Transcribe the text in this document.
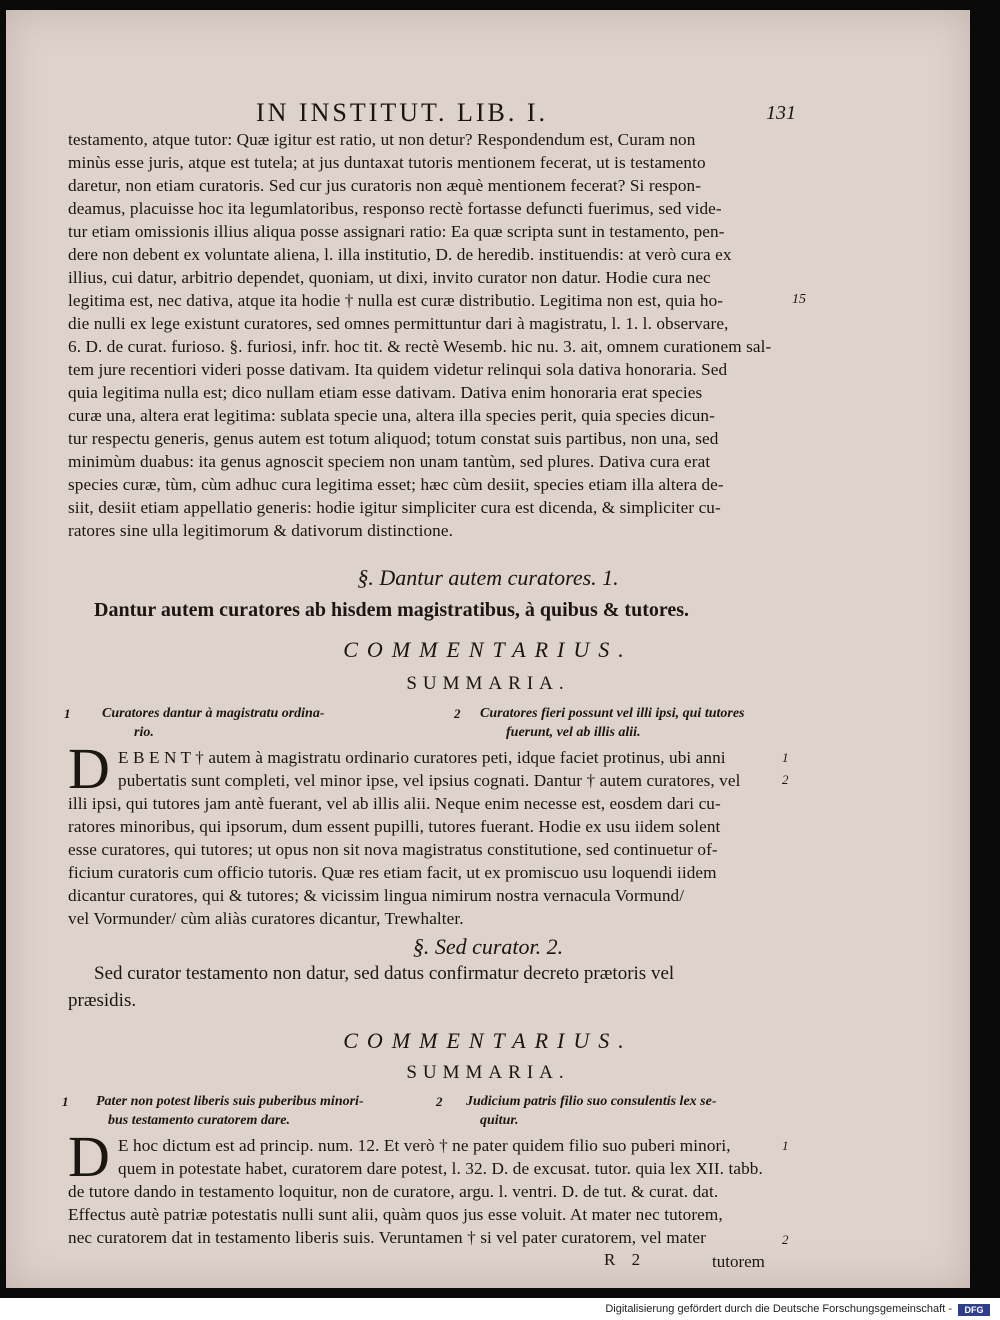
IN INSTITUT. LIB. I.	131
testamento, atque tutor: Quæ igitur est ratio, ut non detur? Respondendum est, Curam non
minùs esse juris, atque est tutela; at jus duntaxat tutoris mentionem fecerat, ut is testamento
daretur, non etiam curatoris. Sed cur jus curatoris non æquè mentionem fecerat? Si respon-
deamus, placuisse hoc ita legumlatoribus, responso rectè fortasse defuncti fuerimus, sed vide-
tur etiam omissionis illius aliqua posse assignari ratio: Ea quæ scripta sunt in testamento, pen-
dere non debent ex voluntate aliena, l. illa institutio, D. de heredib. instituendis: at verò cura ex
illius, cui datur, arbitrio dependet, quoniam, ut dixi, invito curator non datur. Hodie cura nec
legitima est, nec dativa, atque ita hodie † nulla est curæ distributio. Legitima non est, quia ho-
die nulli ex lege existunt curatores, sed omnes permittuntur dari à magistratu, l. 1. l. observare,
6. D. de curat. furioso. §. furiosi, infr. hoc tit. & rectè Wesemb. hic nu. 3. ait, omnem curationem sal-
tem jure recentiori videri posse dativam. Ita quidem videtur relinqui sola dativa honoraria. Sed
quia legitima nulla est; dico nullam etiam esse dativam. Dativa enim honoraria erat species
curæ una, altera erat legitima: sublata specie una, altera illa species perit, quia species dicun-
tur respectu generis, genus autem est totum aliquod; totum constat suis partibus, non una, sed
minimùm duabus: ita genus agnoscit speciem non unam tantùm, sed plures. Dativa cura erat
species curæ, tùm, cùm adhuc cura legitima esset; hæc cùm desiit, species etiam illa altera de-
siit, desiit etiam appellatio generis: hodie igitur simpliciter cura est dicenda, & simpliciter cu-
ratores sine ulla legitimorum & dativorum distinctione.
15
§. Dantur autem curatores. 1.
Dantur autem curatores ab hisdem magistratibus, à quibus & tutores.
COMMENTARIUS.
SUMMARIA.
1 Curatores dantur à magistratu ordina-
rio.
2 Curatores fieri possunt vel illi ipsi, qui tutores
fuerunt, vel ab illis alii.
D E B E N T † autem à magistratu ordinario curatores peti, idque faciet protinus, ubi anni
pubertatis sunt completi, vel minor ipse, vel ipsius cognati. Dantur † autem curatores, vel
illi ipsi, qui tutores jam antè fuerant, vel ab illis alii. Neque enim necesse est, eosdem dari cu-
ratores minoribus, qui ipsorum, dum essent pupilli, tutores fuerant. Hodie ex usu iidem solent
esse curatores, qui tutores; ut opus non sit nova magistratus constitutione, sed continuetur of-
ficium curatoris cum officio tutoris. Quæ res etiam facit, ut ex promiscuo usu loquendi iidem
dicantur curatores, qui & tutores; & vicissim lingua nimirum nostra vernacula Vormund/
vel Vormunder/ cùm aliàs curatores dicantur, Trewhalter.
1
2
§. Sed curator. 2.
Sed curator testamento non datur, sed datus confirmatur decreto prætoris vel
præsidis.
COMMENTARIUS.
SUMMARIA.
1 Pater non potest liberis suis puberibus minori-
bus testamento curatorem dare.
2 Judicium patris filio suo consulentis lex se-
quitur.
D E hoc dictum est ad princip. num. 12. Et verò † ne pater quidem filio suo puberi minori,
quem in potestate habet, curatorem dare potest, l. 32. D. de excusat. tutor. quia lex XII. tabb.
de tutore dando in testamento loquitur, non de curatore, argu. l. ventri. D. de tut. & curat. dat.
Effectus autè patriæ potestatis nulli sunt alii, quàm quos jus esse voluit. At mater nec tutorem,
nec curatorem dat in testamento liberis suis. Veruntamen † si vel pater curatorem, vel mater
1
2
R 2	tutorem
Digitalisierung gefördert durch die Deutsche Forschungsgemeinschaft -	DFG
